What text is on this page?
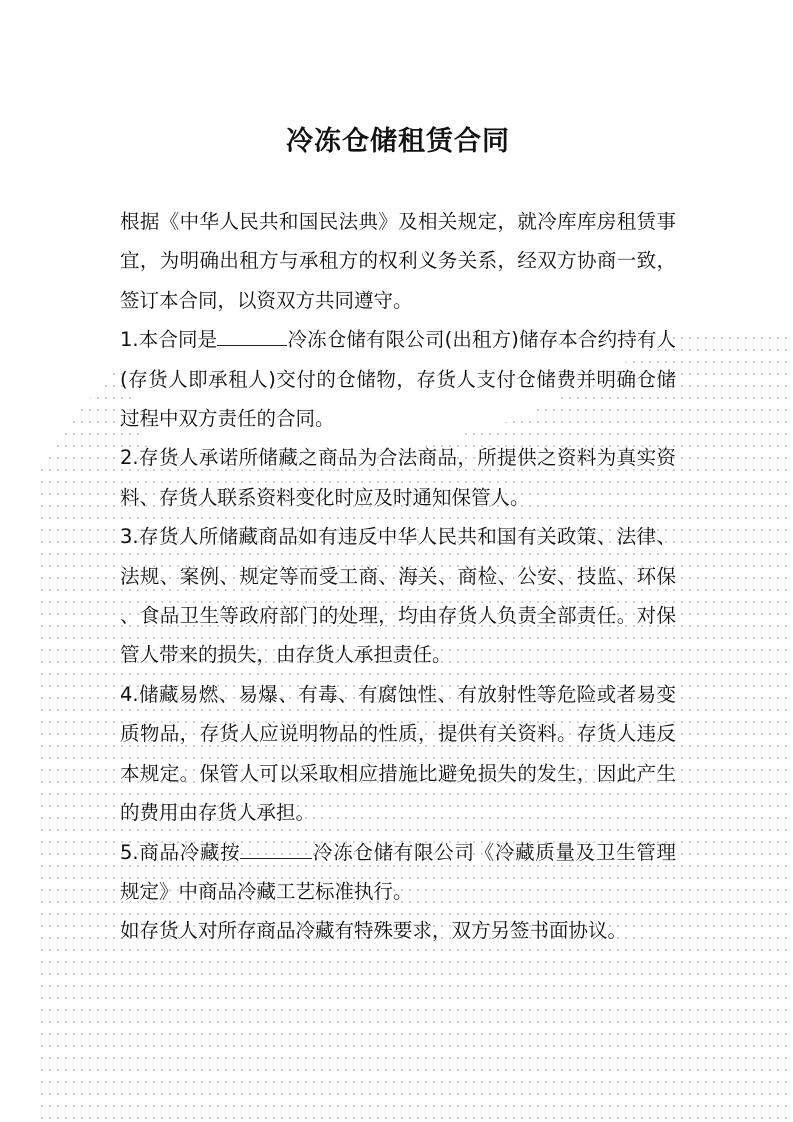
冷冻仓储租赁合同

根据《中华人民共和国民法典》及相关规定，就冷库库房租赁事宜，为明确出租方与承租方的权利义务关系，经双方协商一致，签订本合同，以资双方共同遵守。

1.本合同是	冷冻仓储有限公司(出租方)储存本合约持有人(存货人即承租人)交付的仓储物，存货人支付仓储费并明确仓储过程中双方责任的合同。

2.存货人承诺所储藏之商品为合法商品，所提供之资料为真实资料、存货人联系资料变化时应及时通知保管人。

3.存货人所储藏商品如有违反中华人民共和国有关政策、法律、法规、案例、规定等而受工商、海关、商检、公安、技监、环保、食品卫生等政府部门的处理，均由存货人负责全部责任。对保管人带来的损失，由存货人承担责任。

4.储藏易燃、易爆、有毒、有腐蚀性、有放射性等危险或者易变质物品，存货人应说明物品的性质，提供有关资料。存货人违反本规定。保管人可以采取相应措施比避免损失的发生，因此产生的费用由存货人承担。

5.商品冷藏按	冷冻仓储有限公司《冷藏质量及卫生管理规定》中商品冷藏工艺标准执行。

如存货人对所存商品冷藏有特殊要求，双方另签书面协议。
